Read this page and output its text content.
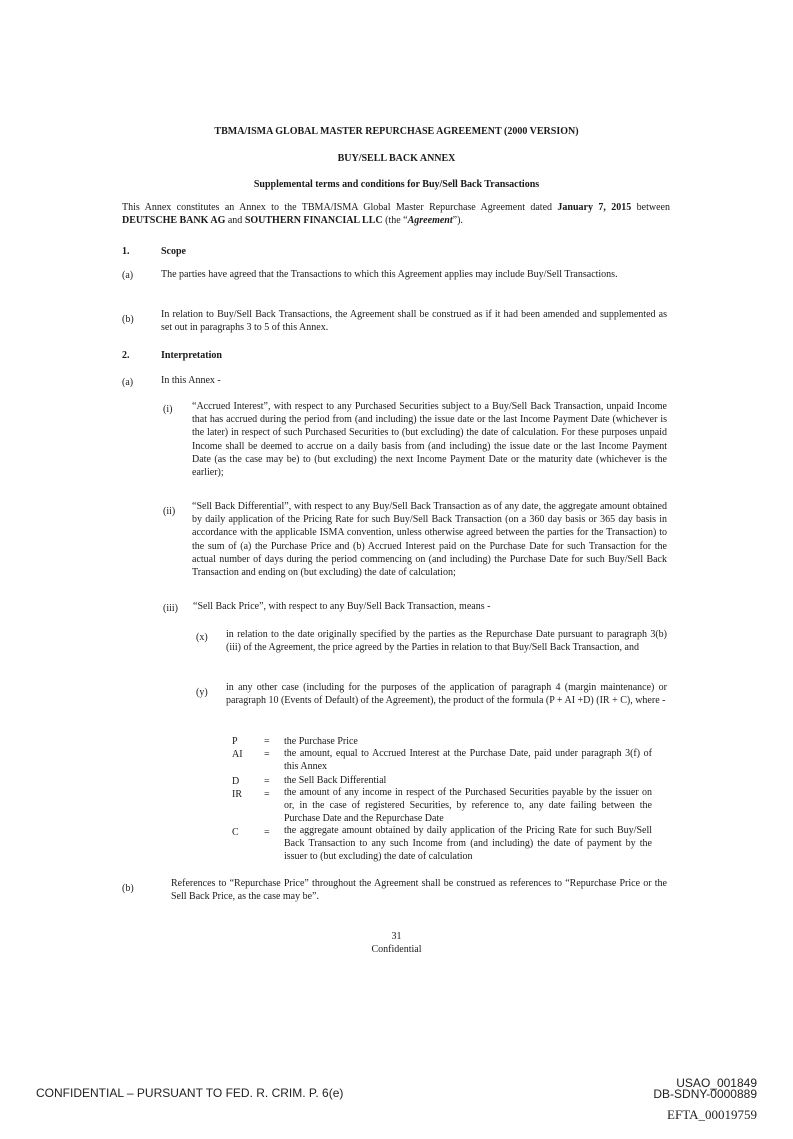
TBMA/ISMA GLOBAL MASTER REPURCHASE AGREEMENT (2000 VERSION)
BUY/SELL BACK ANNEX
Supplemental terms and conditions for Buy/Sell Back Transactions
This Annex constitutes an Annex to the TBMA/ISMA Global Master Repurchase Agreement dated January 7, 2015 between DEUTSCHE BANK AG and SOUTHERN FINANCIAL LLC (the “Agreement”).
1.	Scope
(a)	The parties have agreed that the Transactions to which this Agreement applies may include Buy/Sell Transactions.
(b)	In relation to Buy/Sell Back Transactions, the Agreement shall be construed as if it had been amended and supplemented as set out in paragraphs 3 to 5 of this Annex.
2.	Interpretation
(a)	In this Annex -
(i) “Accrued Interest”, with respect to any Purchased Securities subject to a Buy/Sell Back Transaction, unpaid Income that has accrued during the period from (and including) the issue date or the last Income Payment Date (whichever is the later) in respect of such Purchased Securities to (but excluding) the date of calculation. For these purposes unpaid Income shall be deemed to accrue on a daily basis from (and including) the issue date or the last Income Payment Date (as the case may be) to (but excluding) the next Income Payment Date or the maturity date (whichever is the earlier);
(ii) “Sell Back Differential”, with respect to any Buy/Sell Back Transaction as of any date, the aggregate amount obtained by daily application of the Pricing Rate for such Buy/Sell Back Transaction (on a 360 day basis or 365 day basis in accordance with the applicable ISMA convention, unless otherwise agreed between the parties for the Transaction) to the sum of (a) the Purchase Price and (b) Accrued Interest paid on the Purchase Date for such Transaction for the actual number of days during the period commencing on (and including) the Purchase Date for such Buy/Sell Back Transaction and ending on (but excluding) the date of calculation;
(iii) “Sell Back Price”, with respect to any Buy/Sell Back Transaction, means -
(x) in relation to the date originally specified by the parties as the Repurchase Date pursuant to paragraph 3(b)(iii) of the Agreement, the price agreed by the Parties in relation to that Buy/Sell Back Transaction, and
(y) in any other case (including for the purposes of the application of paragraph 4 (margin maintenance) or paragraph 10 (Events of Default) of the Agreement), the product of the formula (P + AI +D) (IR + C), where -
P	= the Purchase Price
AI = the amount, equal to Accrued Interest at the Purchase Date, paid under paragraph 3(f) of this Annex
D = the Sell Back Differential
IR = the amount of any income in respect of the Purchased Securities payable by the issuer on or, in the case of registered Securities, by reference to, any date failing between the Purchase Date and the Repurchase Date
C	= the aggregate amount obtained by daily application of the Pricing Rate for such Buy/Sell Back Transaction to any such Income from (and including) the date of payment by the issuer to (but excluding) the date of calculation
(b)	References to “Repurchase Price” throughout the Agreement shall be construed as references to “Repurchase Price or the Sell Back Price, as the case may be”.
31
Confidential
CONFIDENTIAL – PURSUANT TO FED. R. CRIM. P. 6(e)
USAO_001849
DB-SDNY-0000889
EFTA_00019759
